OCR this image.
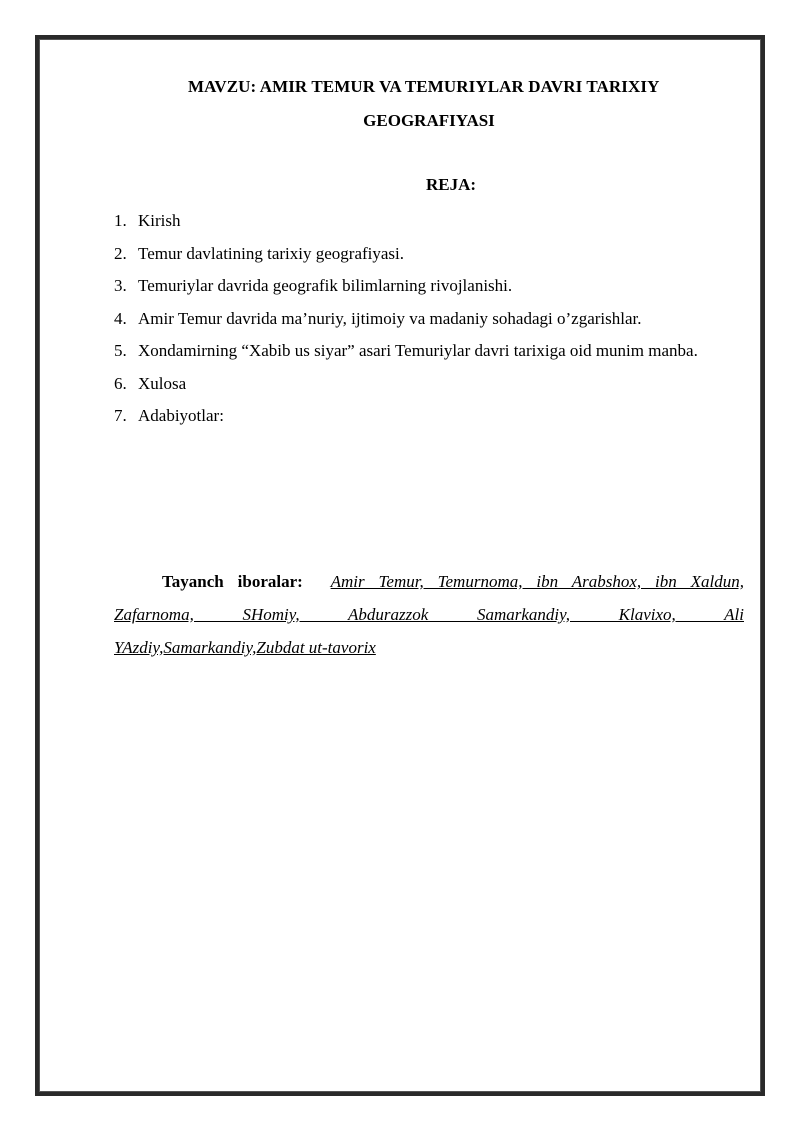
MAVZU: AMIR TEMUR VA TEMURIYLAR DAVRI TARIXIY
GEOGRAFIYASI
REJA:
1. Kirish
2. Temur davlatining tarixiy geografiyasi.
3. Temuriylar davrida geografik bilimlarning rivojlanishi.
4. Amir Temur davrida ma’nuriy, ijtimoiy va madaniy sohadagi o’zgarishlar.
5. Xondamirning “Xabib us siyar” asari Temuriylar davri tarixiga oid munim manba.
6. Xulosa
7. Adabiyotlar:
Tayanch iboralar: Amir Temur, Temurnoma, ibn Arabshox, ibn Xaldun,
Zafarnoma, SHomiy, Abdurazzok Samarkandiy, Klavixo, Ali
YAzdiy,Samarkandiy,Zubdat ut-tavorix
